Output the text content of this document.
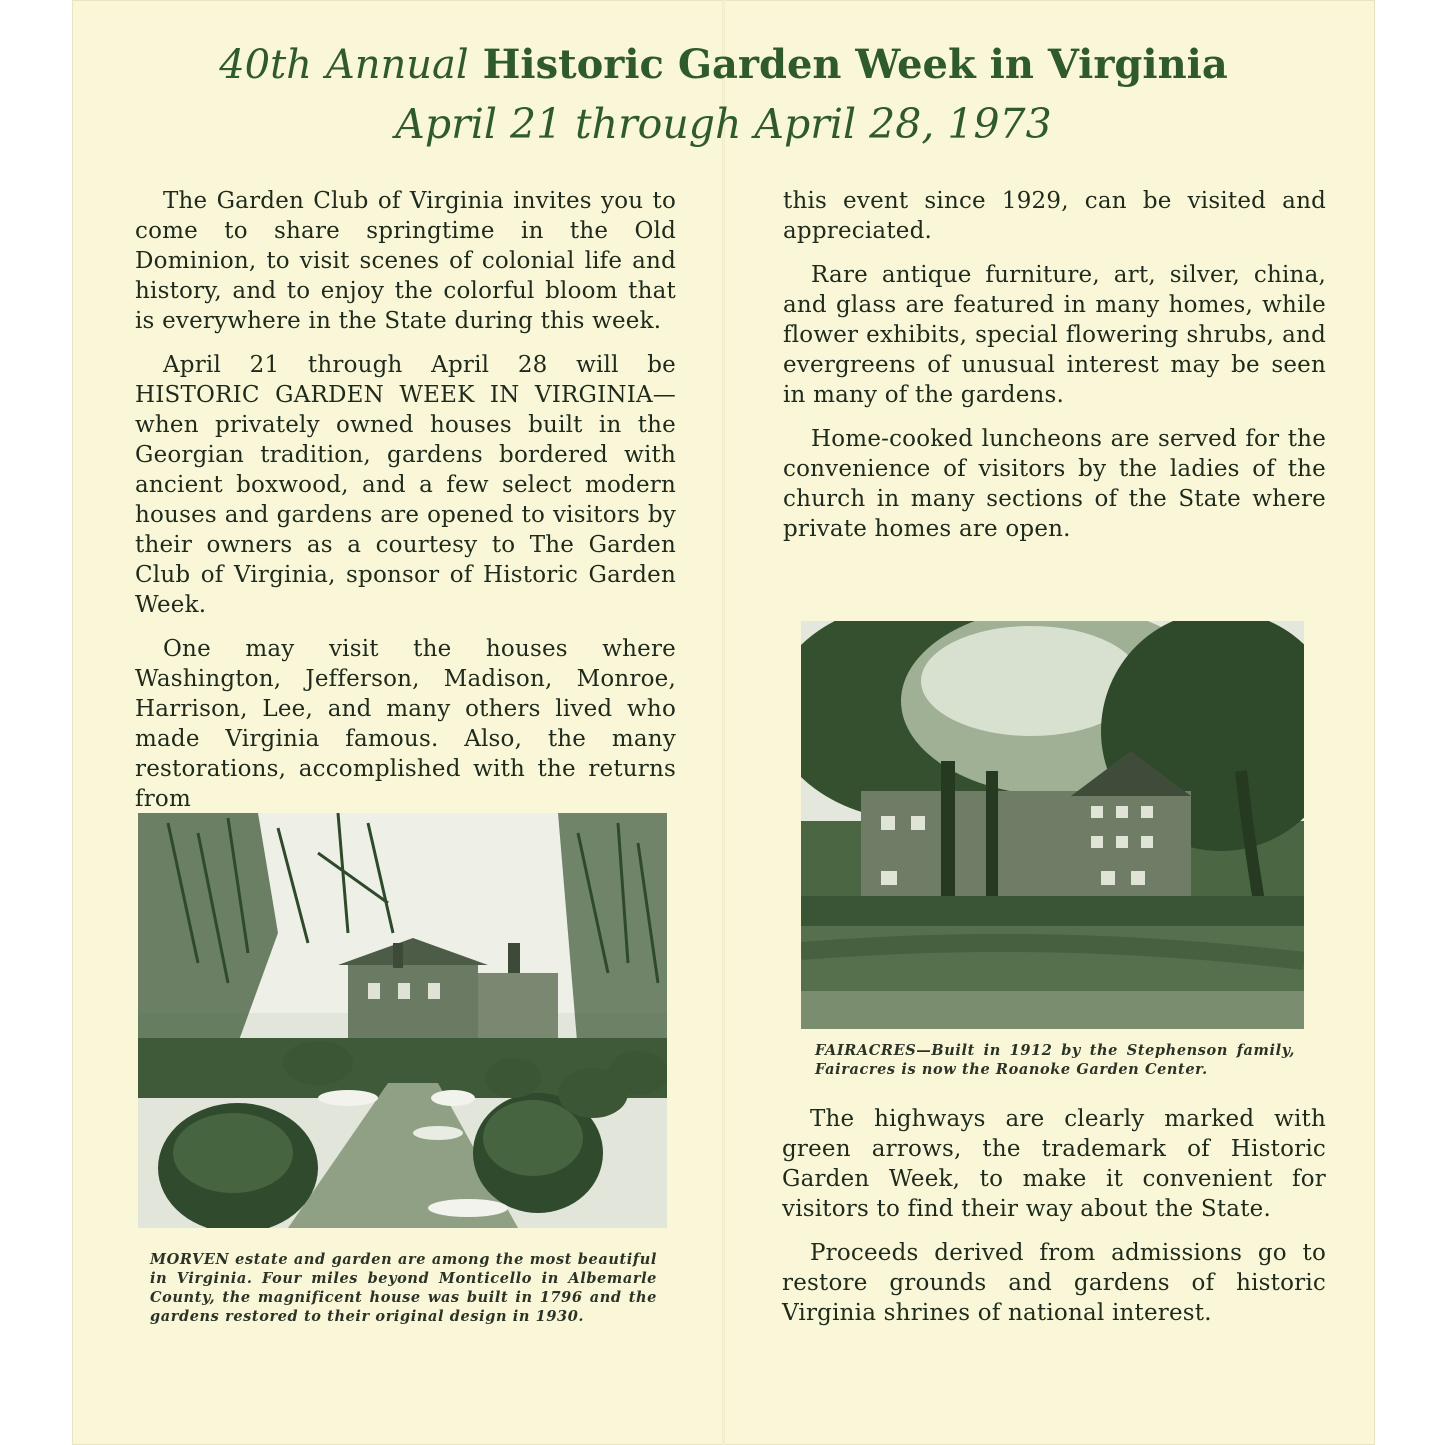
40th Annual Historic Garden Week in Virginia
April 21 through April 28, 1973

The Garden Club of Virginia invites you to come to share springtime in the Old Dominion, to visit scenes of colonial life and history, and to enjoy the colorful bloom that is everywhere in the State during this week.

April 21 through April 28 will be HISTORIC GARDEN WEEK IN VIRGINIA—when privately owned houses built in the Georgian tradition, gardens bordered with ancient boxwood, and a few select modern houses and gardens are opened to visitors by their owners as a courtesy to The Garden Club of Virginia, sponsor of Historic Garden Week.

One may visit the houses where Washington, Jefferson, Madison, Monroe, Harrison, Lee, and many others lived who made Virginia famous. Also, the many restorations, accomplished with the returns from

this event since 1929, can be visited and appreciated.

Rare antique furniture, art, silver, china, and glass are featured in many homes, while flower exhibits, special flowering shrubs, and evergreens of unusual interest may be seen in many of the gardens.

Home-cooked luncheons are served for the convenience of visitors by the ladies of the church in many sections of the State where private homes are open.

MORVEN estate and garden are among the most beautiful in Virginia. Four miles beyond Monticello in Albemarle County, the magnificent house was built in 1796 and the gardens restored to their original design in 1930.
FAIRACRES—Built in 1912 by the Stephenson family, Fairacres is now the Roanoke Garden Center.

The highways are clearly marked with green arrows, the trademark of Historic Garden Week, to make it convenient for visitors to find their way about the State.

Proceeds derived from admissions go to restore grounds and gardens of historic Virginia shrines of national interest.
